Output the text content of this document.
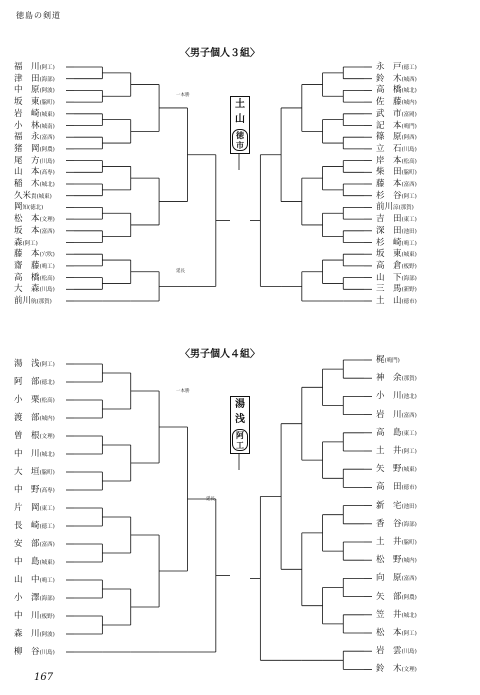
徳島の剣道
〈男子個人３組〉
〈男子個人４組〉
福　川(阿工)
津　田(海部)
中　原(阿波)
坂　東(脇町)
岩　崎(城東)
小　林(城南)
福　永(富西)
猪　岡(阿農)
尾　方(川島)
山　本(高専)
稲　木(城北)
久米貴(城東)
岡知(徳北)
松　本(文理)
坂　本(富西)
森(阿工)
藤　本(穴吹)
齋　藤(鳴工)
高　橋(松高)
大　森(川島)
前川航(那賀)
永　戸(徳工)
鈴　木(城西)
高　橋(城北)
佐　藤(城内)
武　市(富岡)
記　本(鳴門)
篠　原(阿西)
立　石(川島)
岸　本(松高)
柴　田(脇町)
藤　本(富西)
杉　谷(阿工)
前川涼(那賀)
吉　田(東工)
深　田(池田)
杉　崎(鳴工)
坂　東(城東)
高　倉(板野)
山　下(海部)
三　馬(新野)
土　山(徳市)
湯　浅(阿工)
阿　部(徳北)
小　栗(松高)
渡　部(城内)
曽　根(文理)
中　川(城北)
大　垣(脇町)
中　野(高専)
片　岡(東工)
長　崎(徳工)
安　部(富西)
中　島(城東)
山　中(鳴工)
小　澤(海部)
中　川(板野)
森　川(阿波)
柳　谷(川島)
梶(鳴門)
神　余(那賀)
小　川(池北)
岩　川(富西)
高　島(東工)
土　井(阿工)
矢　野(城東)
高　田(徳市)
新　宅(池田)
香　谷(海部)
土　井(脇町)
松　野(城内)
向　原(富西)
矢　部(阿農)
笠　井(城北)
松　本(阿工)
岩　雲(川島)
鈴　木(文理)
土
山
徳市
湯
浅
阿工
一本勝
延長
一本勝
延長
167
